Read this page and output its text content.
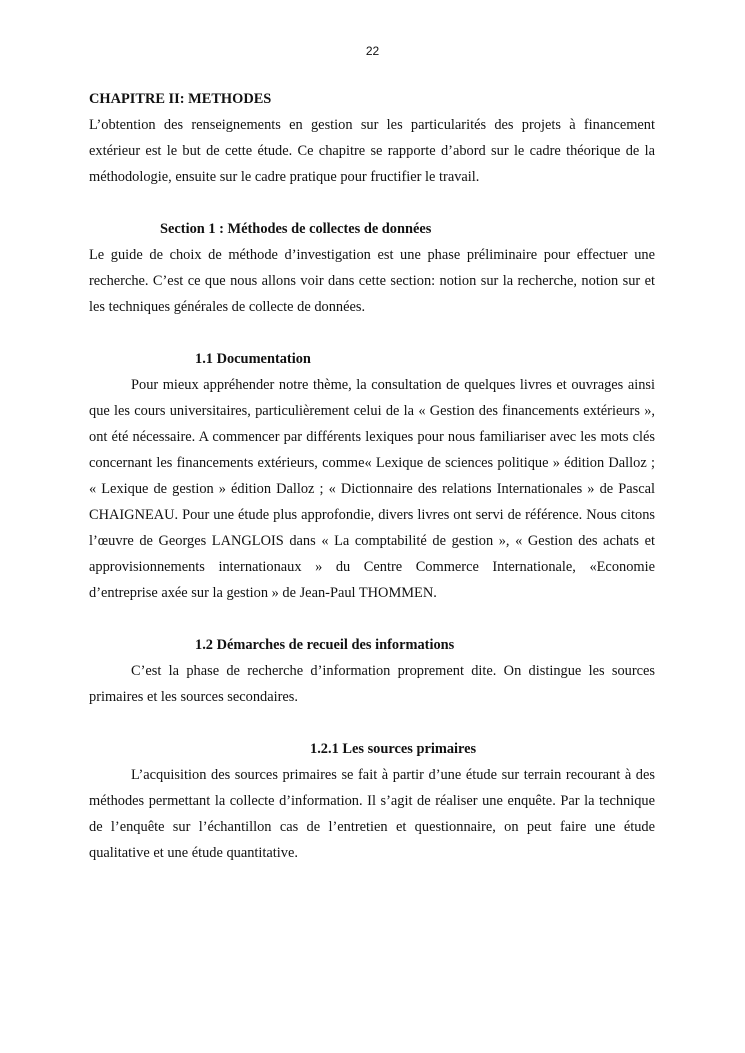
22

CHAPITRE II: METHODES

L’obtention des renseignements en gestion sur les particularités des projets à financement extérieur est le but de cette étude. Ce chapitre se rapporte d’abord sur le cadre théorique de la méthodologie, ensuite sur le cadre pratique pour fructifier le travail.

Section 1 : Méthodes de collectes de données

Le guide de choix de méthode d’investigation est une phase préliminaire pour effectuer une recherche. C’est ce que nous allons voir dans cette section: notion sur la recherche, notion sur et les techniques générales de collecte de données.

1.1 Documentation

Pour mieux appréhender notre thème, la consultation de quelques livres et ouvrages ainsi que les cours universitaires, particulièrement celui de la « Gestion des financements extérieurs », ont été nécessaire. A commencer par différents lexiques pour nous familiariser avec les mots clés concernant les financements extérieurs, comme« Lexique de sciences politique » édition Dalloz ; « Lexique de gestion » édition Dalloz ; « Dictionnaire des relations Internationales » de Pascal CHAIGNEAU. Pour une étude plus approfondie, divers livres ont servi de référence. Nous citons l’œuvre de Georges LANGLOIS dans « La comptabilité de gestion », « Gestion des achats et approvisionnements internationaux » du Centre Commerce Internationale, «Economie d’entreprise axée sur la gestion » de Jean-Paul THOMMEN.

1.2 Démarches de recueil des informations

C’est la phase de recherche d’information proprement dite. On distingue les sources primaires et les sources secondaires.

1.2.1 Les sources primaires

L’acquisition des sources primaires se fait à partir d’une étude sur terrain recourant à des méthodes permettant la collecte d’information. Il s’agit de réaliser une enquête. Par la technique de l’enquête sur l’échantillon cas de l’entretien et questionnaire, on peut faire une étude qualitative et une étude quantitative.
